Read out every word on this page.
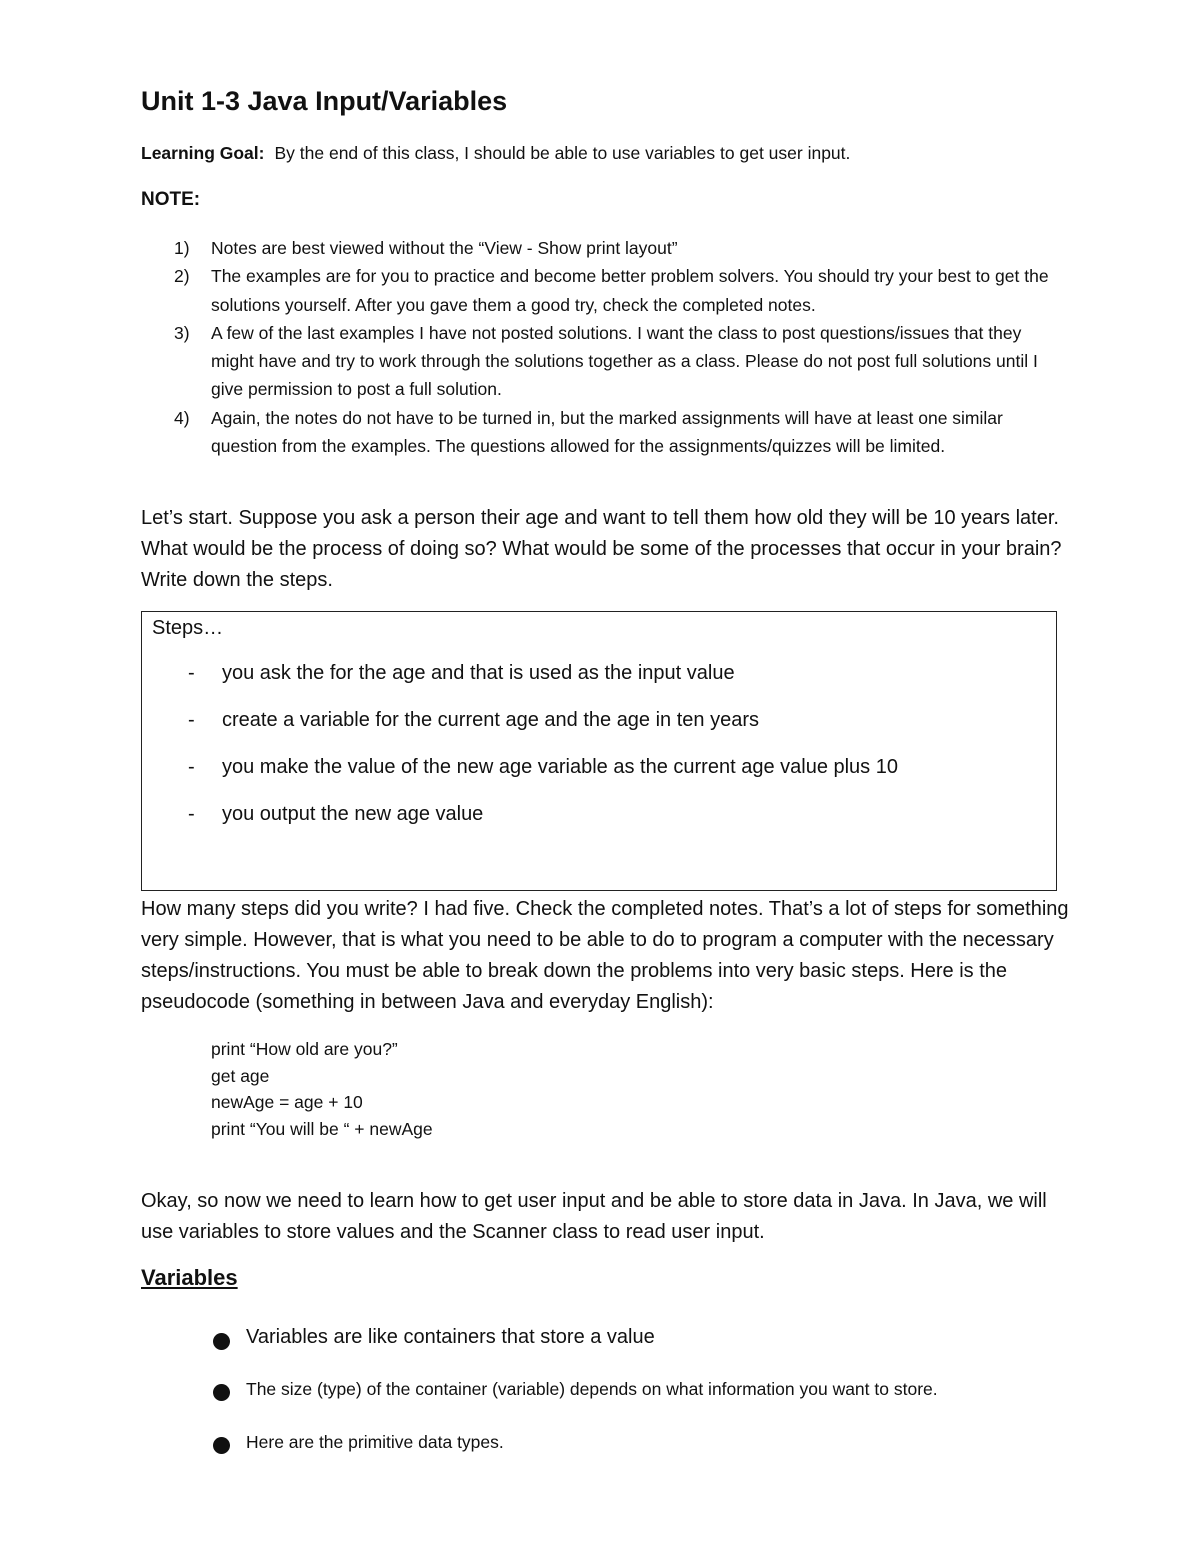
Unit 1-3 Java Input/Variables

Learning Goal: By the end of this class, I should be able to use variables to get user input.

NOTE:

1) Notes are best viewed without the “View - Show print layout”
2) The examples are for you to practice and become better problem solvers. You should try your best to get the solutions yourself. After you gave them a good try, check the completed notes.
3) A few of the last examples I have not posted solutions. I want the class to post questions/issues that they might have and try to work through the solutions together as a class. Please do not post full solutions until I give permission to post a full solution.
4) Again, the notes do not have to be turned in, but the marked assignments will have at least one similar question from the examples. The questions allowed for the assignments/quizzes will be limited.

Let’s start. Suppose you ask a person their age and want to tell them how old they will be 10 years later. What would be the process of doing so? What would be some of the processes that occur in your brain? Write down the steps.

Steps…

- you ask the for the age and that is used as the input value
- create a variable for the current age and the age in ten years
- you make the value of the new age variable as the current age value plus 10
- you output the new age value

How many steps did you write? I had five. Check the completed notes. That’s a lot of steps for something very simple. However, that is what you need to be able to do to program a computer with the necessary steps/instructions. You must be able to break down the problems into very basic steps. Here is the pseudocode (something in between Java and everyday English):

print “How old are you?”
get age
newAge = age + 10
print “You will be “ + newAge

Okay, so now we need to learn how to get user input and be able to store data in Java. In Java, we will use variables to store values and the Scanner class to read user input.

Variables
Variables are like containers that store a value
The size (type) of the container (variable) depends on what information you want to store.
Here are the primitive data types.
